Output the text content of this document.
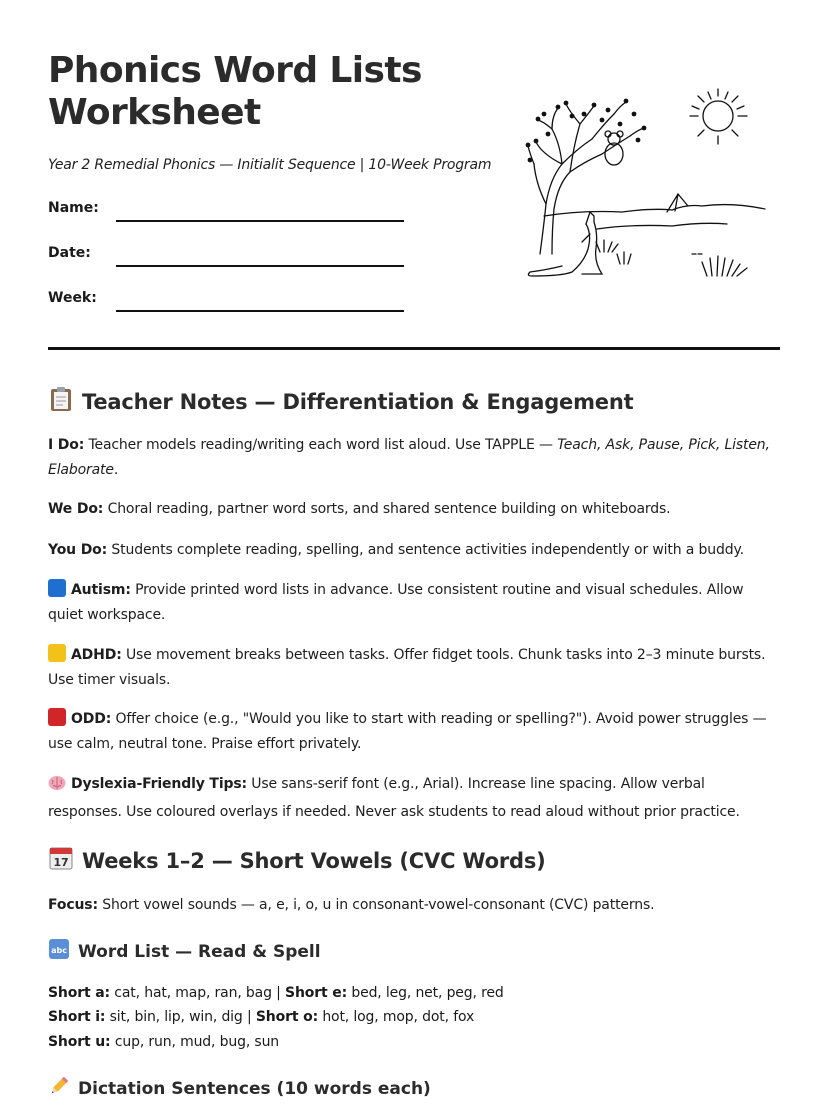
Phonics Word Lists Worksheet
Year 2 Remedial Phonics — Initialit Sequence | 10-Week Program
Name:
Date:
Week:
Teacher Notes — Differentiation & Engagement
I Do: Teacher models reading/writing each word list aloud. Use TAPPLE — Teach, Ask, Pause, Pick, Listen, Elaborate.
We Do: Choral reading, partner word sorts, and shared sentence building on whiteboards.
You Do: Students complete reading, spelling, and sentence activities independently or with a buddy.
Autism: Provide printed word lists in advance. Use consistent routine and visual schedules. Allow quiet workspace.
ADHD: Use movement breaks between tasks. Offer fidget tools. Chunk tasks into 2–3 minute bursts. Use timer visuals.
ODD: Offer choice (e.g., "Would you like to start with reading or spelling?"). Avoid power struggles — use calm, neutral tone. Praise effort privately.
Dyslexia-Friendly Tips: Use sans-serif font (e.g., Arial). Increase line spacing. Allow verbal responses. Use coloured overlays if needed. Never ask students to read aloud without prior practice.
17 Weeks 1–2 — Short Vowels (CVC Words)
Focus: Short vowel sounds — a, e, i, o, u in consonant-vowel-consonant (CVC) patterns.
abc Word List — Read & Spell
Short a: cat, hat, map, ran, bag | Short e: bed, leg, net, peg, red
Short i: sit, bin, lip, win, dig | Short o: hot, log, mop, dot, fox
Short u: cup, run, mud, bug, sun
Dictation Sentences (10 words each)
